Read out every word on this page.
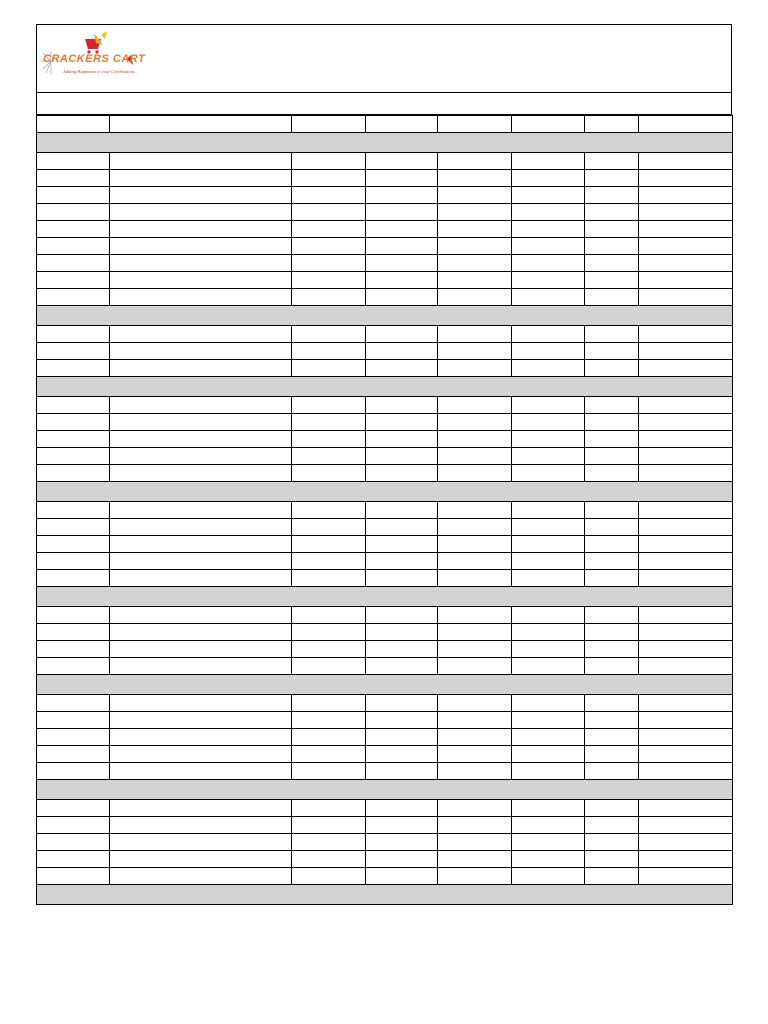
CRACKERS CART
Adding Happiness to your Celebrations..
